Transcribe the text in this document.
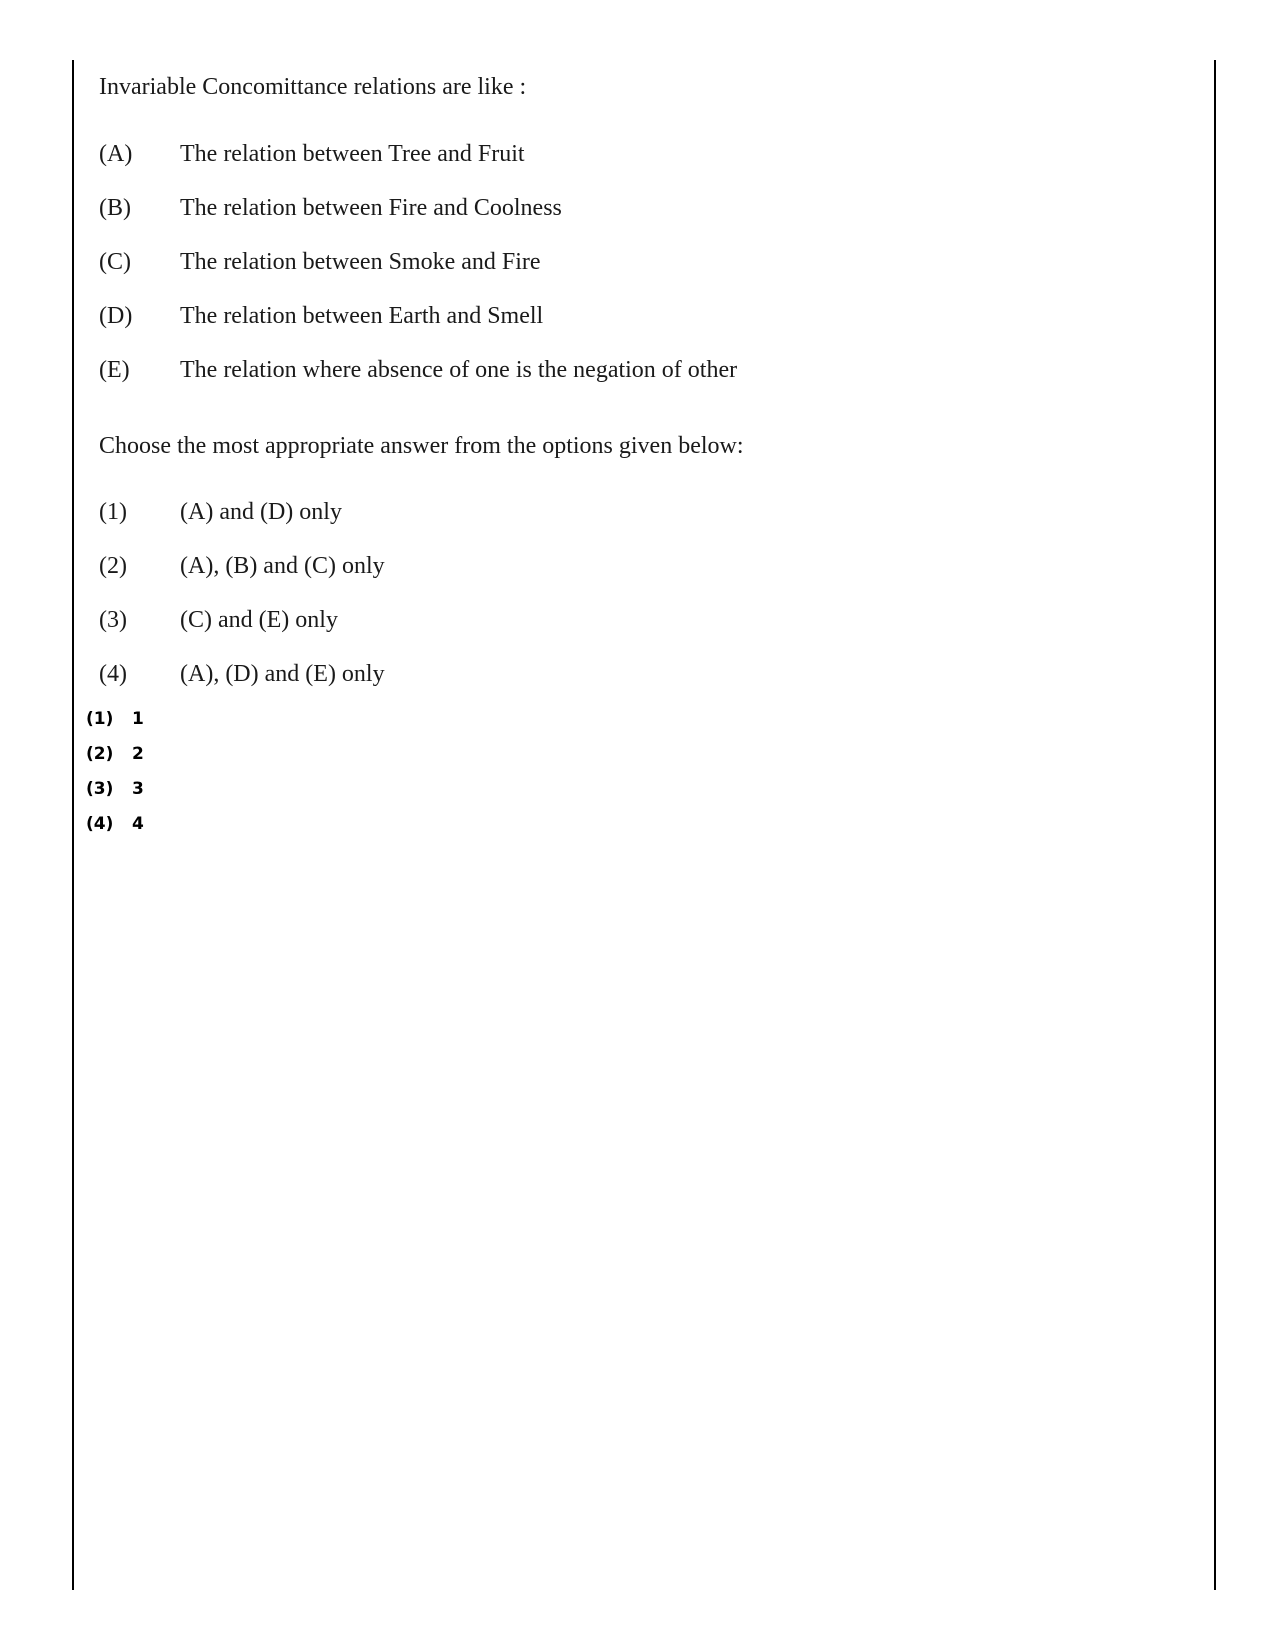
Invariable Concomittance relations are like :
(A) The relation between Tree and Fruit
(B) The relation between Fire and Coolness
(C) The relation between Smoke and Fire
(D) The relation between Earth and Smell
(E) The relation where absence of one is the negation of other
Choose the most appropriate answer from the options given below:
(1) (A) and (D) only
(2) (A), (B) and (C) only
(3) (C) and (E) only
(4) (A), (D) and (E) only
(1) 1
(2) 2
(3) 3
(4) 4
